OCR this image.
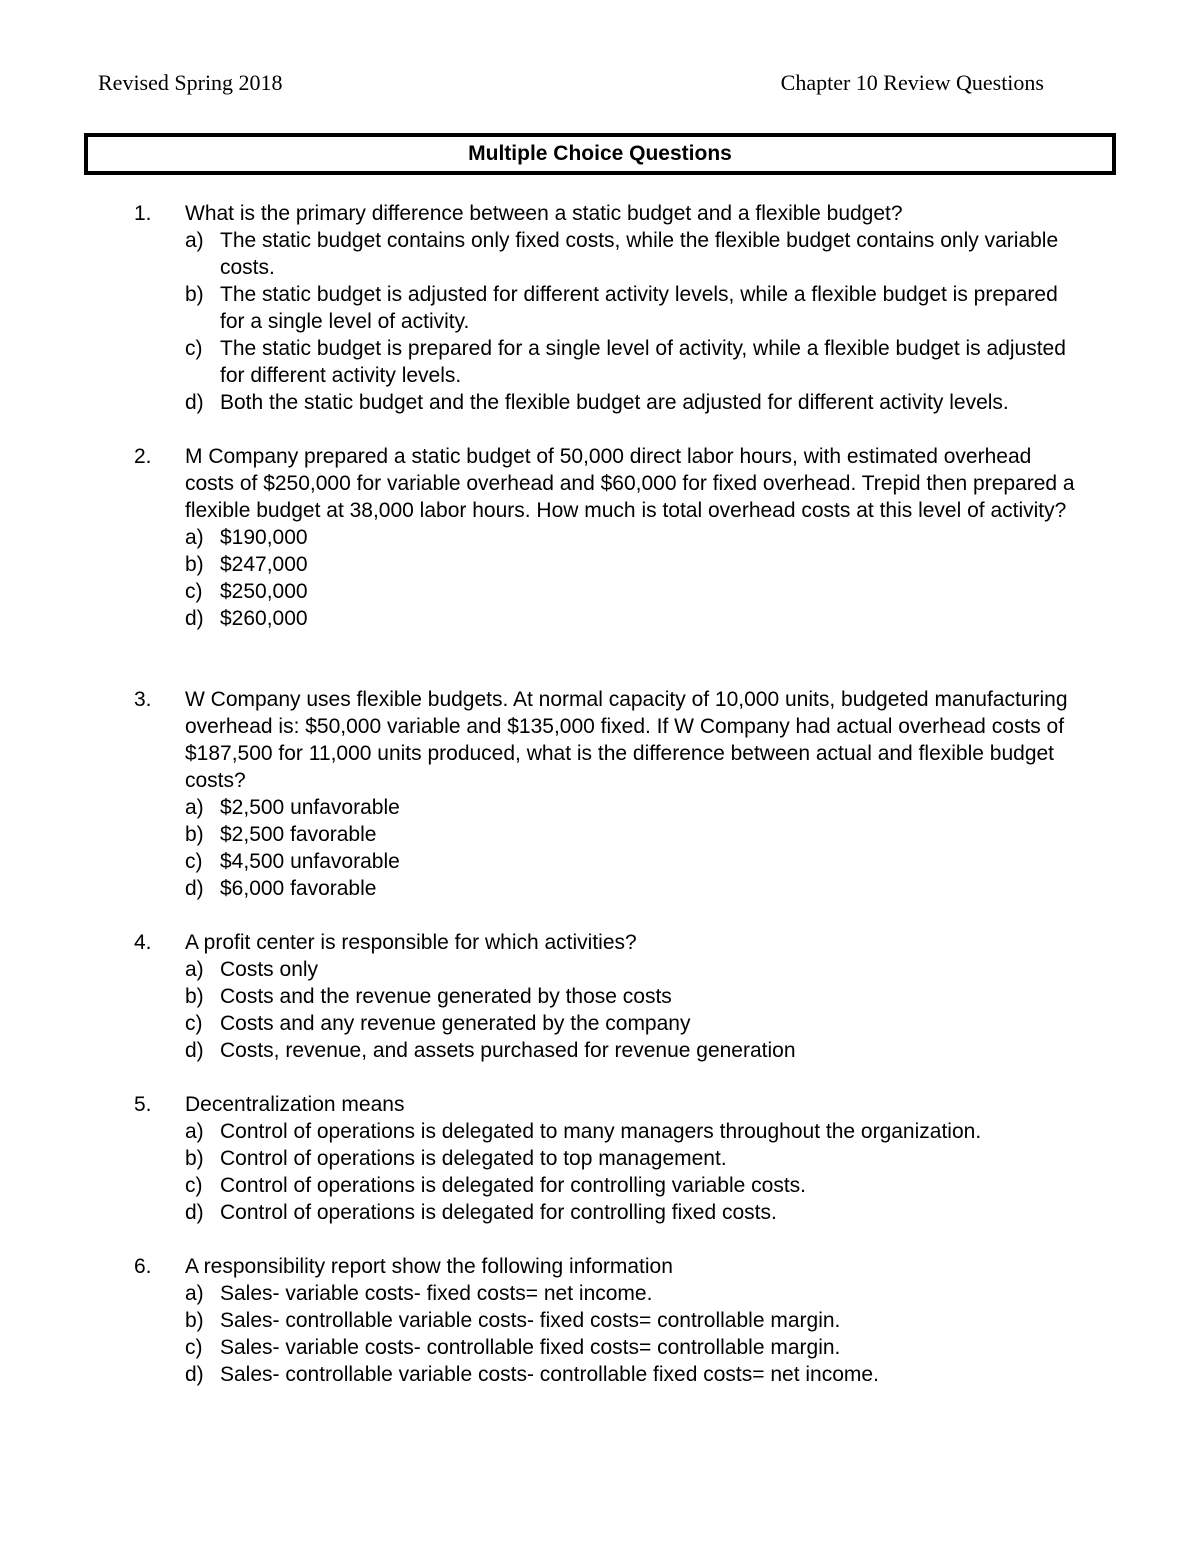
Revised Spring 2018	Chapter 10 Review Questions
Multiple Choice Questions
1. What is the primary difference between a static budget and a flexible budget?
a) The static budget contains only fixed costs, while the flexible budget contains only variable costs.
b) The static budget is adjusted for different activity levels, while a flexible budget is prepared for a single level of activity.
c) The static budget is prepared for a single level of activity, while a flexible budget is adjusted for different activity levels.
d) Both the static budget and the flexible budget are adjusted for different activity levels.
2. M Company prepared a static budget of 50,000 direct labor hours, with estimated overhead costs of $250,000 for variable overhead and $60,000 for fixed overhead. Trepid then prepared a flexible budget at 38,000 labor hours. How much is total overhead costs at this level of activity?
a) $190,000
b) $247,000
c) $250,000
d) $260,000
3. W Company uses flexible budgets. At normal capacity of 10,000 units, budgeted manufacturing overhead is: $50,000 variable and $135,000 fixed. If W Company had actual overhead costs of $187,500 for 11,000 units produced, what is the difference between actual and flexible budget costs?
a) $2,500 unfavorable
b) $2,500 favorable
c) $4,500 unfavorable
d) $6,000 favorable
4. A profit center is responsible for which activities?
a) Costs only
b) Costs and the revenue generated by those costs
c) Costs and any revenue generated by the company
d) Costs, revenue, and assets purchased for revenue generation
5. Decentralization means
a) Control of operations is delegated to many managers throughout the organization.
b) Control of operations is delegated to top management.
c) Control of operations is delegated for controlling variable costs.
d) Control of operations is delegated for controlling fixed costs.
6. A responsibility report show the following information
a) Sales- variable costs- fixed costs= net income.
b) Sales- controllable variable costs- fixed costs= controllable margin.
c) Sales- variable costs- controllable fixed costs= controllable margin.
d) Sales- controllable variable costs- controllable fixed costs= net income.
